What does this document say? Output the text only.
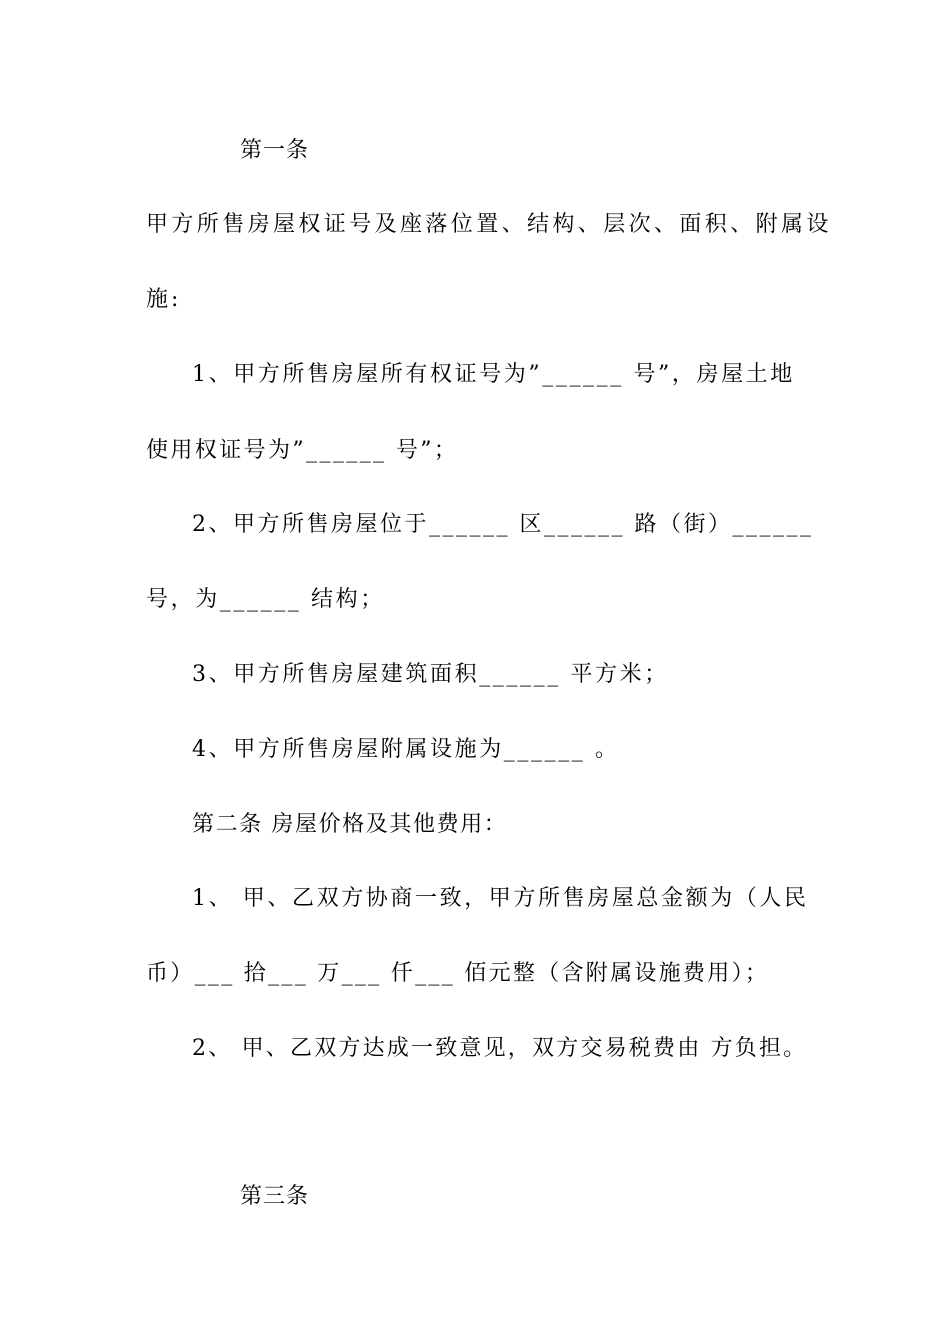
第一条
甲方所售房屋权证号及座落位置、结构、层次、面积、附属设
施:
1、甲方所售房屋所有权证号为”______ 号”，房屋土地
使用权证号为”______ 号”；
2、甲方所售房屋位于______ 区______ 路（街）______
号，为______ 结构；
3、甲方所售房屋建筑面积______ 平方米；
4、甲方所售房屋附属设施为______ 。
第二条 房屋价格及其他费用：
1、 甲、乙双方协商一致，甲方所售房屋总金额为（人民
币）___ 拾___ 万___ 仟___ 佰元整（含附属设施费用）；
2、 甲、乙双方达成一致意见，双方交易税费由 方负担。
第三条
